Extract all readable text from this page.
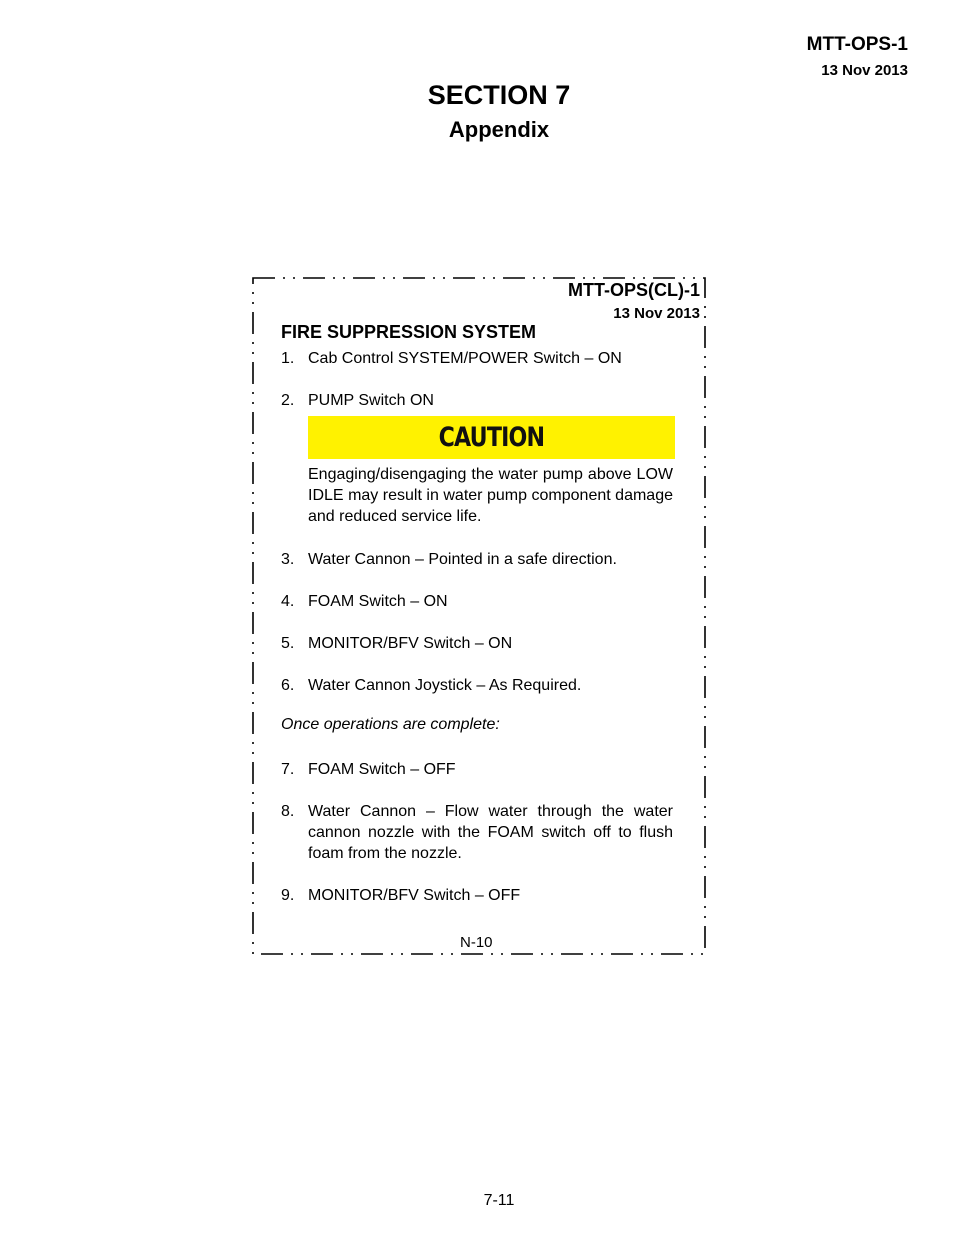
MTT-OPS-1
13 Nov 2013
SECTION 7
Appendix
MTT-OPS(CL)-1
13 Nov 2013
FIRE SUPPRESSION SYSTEM
1. Cab Control SYSTEM/POWER Switch – ON
2. PUMP Switch ON
CAUTION
Engaging/disengaging the water pump above LOW IDLE may result in water pump component damage and reduced service life.
3. Water Cannon – Pointed in a safe direction.
4. FOAM Switch – ON
5. MONITOR/BFV Switch – ON
6. Water Cannon Joystick – As Required.
Once operations are complete:
7. FOAM Switch – OFF
8. Water Cannon – Flow water through the water cannon nozzle with the FOAM switch off to flush foam from the nozzle.
9. MONITOR/BFV Switch – OFF
N-10
7-11
